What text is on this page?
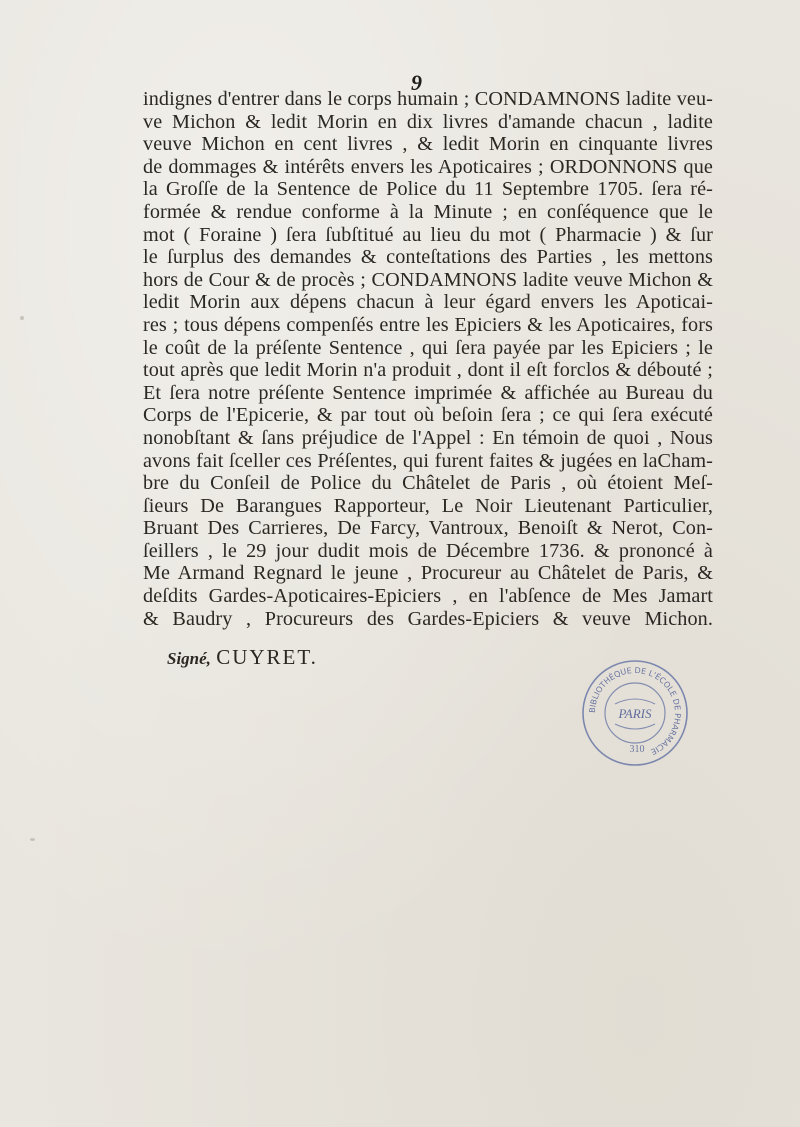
9
indignes d'entrer dans le corps humain ; CONDAMNONS ladite veu-
ve Michon & ledit Morin en dix livres d'amande chacun , ladite
veuve Michon en cent livres , & ledit Morin en cinquante livres
de dommages & intérêts envers les Apoticaires ; ORDONNONS que
la Groſſe de la Sentence de Police du 11 Septembre 1705. ſera ré-
formée & rendue conforme à la Minute ; en conſéquence que le
mot ( Foraine ) ſera ſubſtitué au lieu du mot ( Pharmacie ) & ſur
le ſurplus des demandes & conteſtations des Parties , les mettons
hors de Cour & de procès ; CONDAMNONS ladite veuve Michon &
ledit Morin aux dépens chacun à leur égard envers les Apoticai-
res ; tous dépens compenſés entre les Epiciers & les Apoticaires, fors
le coût de la préſente Sentence , qui ſera payée par les Epiciers ; le
tout après que ledit Morin n'a produit , dont il eſt forclos & débouté ;
Et ſera notre préſente Sentence imprimée & affichée au Bureau du
Corps de l'Epicerie, & par tout où beſoin ſera ; ce qui ſera exécuté
nonobſtant & ſans préjudice de l'Appel : En témoin de quoi , Nous
avons fait ſceller ces Préſentes, qui furent faites & jugées en laCham-
bre du Conſeil de Police du Châtelet de Paris , où étoient Meſ-
ſieurs De Barangues Rapporteur, Le Noir Lieutenant Particulier,
Bruant Des Carrieres, De Farcy, Vantroux, Benoiſt & Nerot, Con-
ſeillers , le 29 jour dudit mois de Décembre 1736. & prononcé à
Me Armand Regnard le jeune , Procureur au Châtelet de Paris, &
deſdits Gardes-Apoticaires-Epiciers , en l'abſence de Mes Jamart
& Baudry , Procureurs des Gardes-Epiciers & veuve Michon.
Signé, CUYRET.
BIBLIOTHÈQUE DE L'ÉCOLE DE PHARMACIE
PARIS
310
